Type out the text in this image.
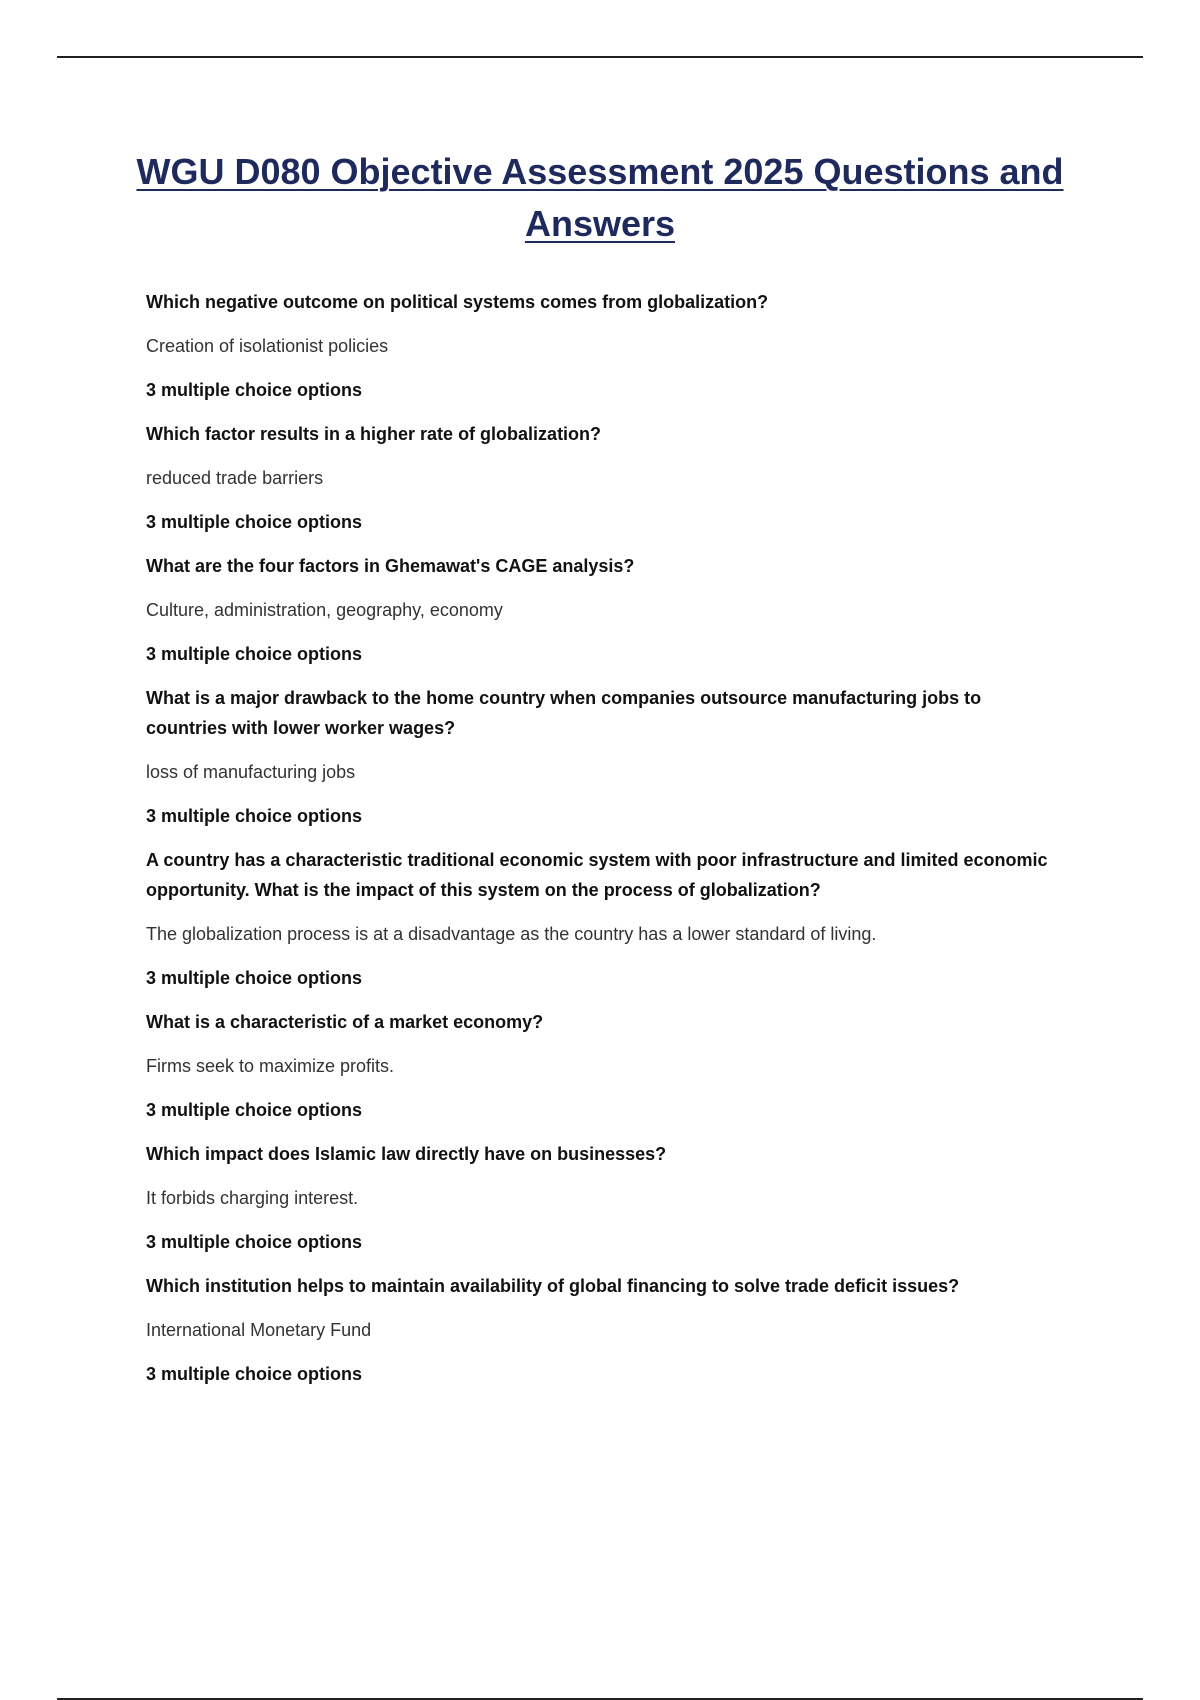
WGU D080 Objective Assessment 2025 Questions and Answers

Which negative outcome on political systems comes from globalization?

Creation of isolationist policies

3 multiple choice options

Which factor results in a higher rate of globalization?

reduced trade barriers

3 multiple choice options

What are the four factors in Ghemawat's CAGE analysis?

Culture, administration, geography, economy

3 multiple choice options

What is a major drawback to the home country when companies outsource manufacturing jobs to countries with lower worker wages?

loss of manufacturing jobs

3 multiple choice options

A country has a characteristic traditional economic system with poor infrastructure and limited economic opportunity. What is the impact of this system on the process of globalization?

The globalization process is at a disadvantage as the country has a lower standard of living.

3 multiple choice options

What is a characteristic of a market economy?

Firms seek to maximize profits.

3 multiple choice options

Which impact does Islamic law directly have on businesses?

It forbids charging interest.

3 multiple choice options

Which institution helps to maintain availability of global financing to solve trade deficit issues?

International Monetary Fund

3 multiple choice options
